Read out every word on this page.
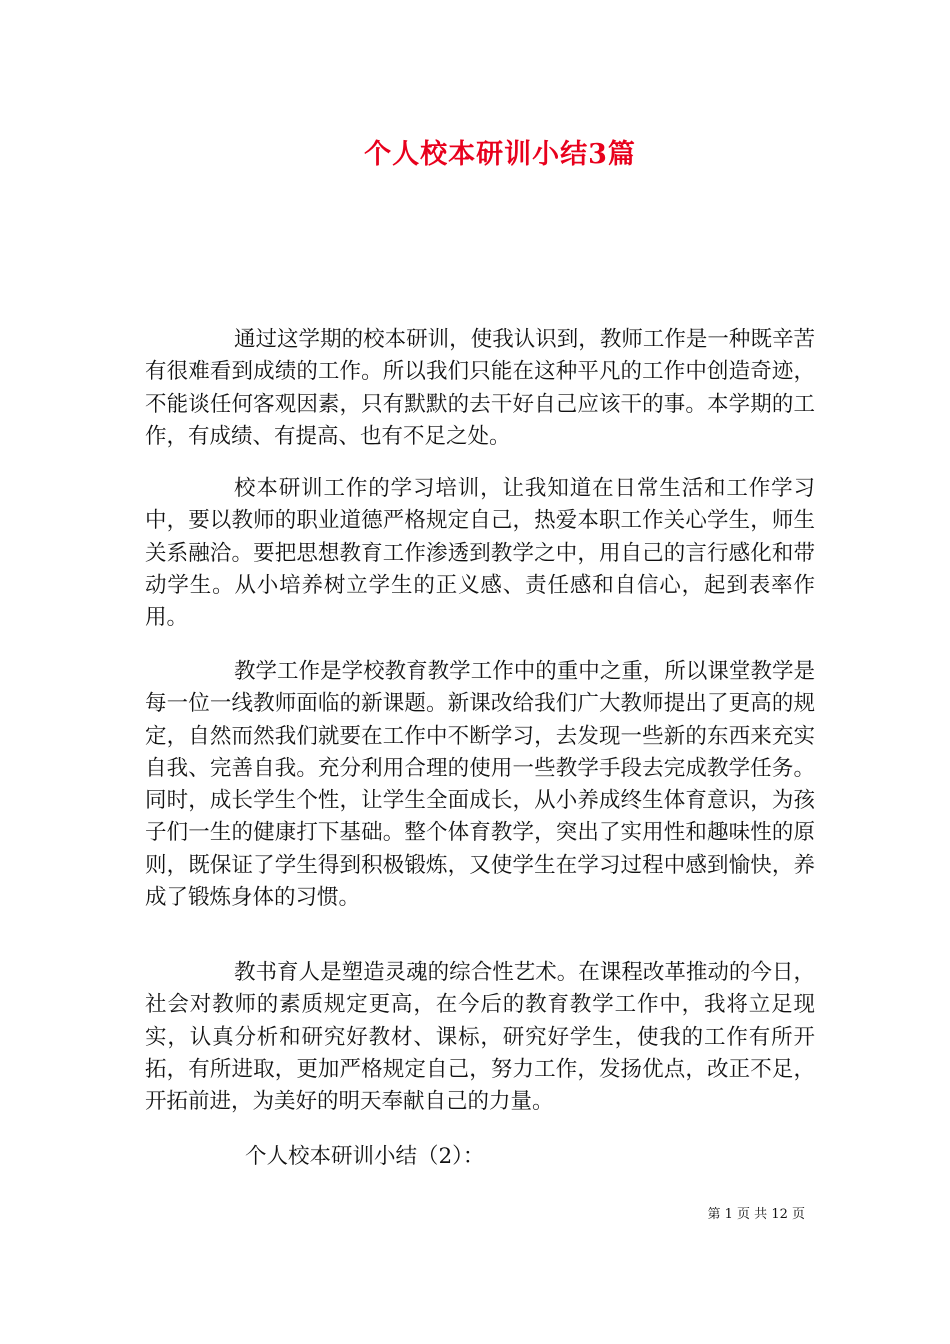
个人校本研训小结3篇
通过这学期的校本研训，使我认识到，教师工作是一种既辛苦有很难看到成绩的工作。所以我们只能在这种平凡的工作中创造奇迹，不能谈任何客观因素，只有默默的去干好自己应该干的事。本学期的工作，有成绩、有提高、也有不足之处。
校本研训工作的学习培训，让我知道在日常生活和工作学习中，要以教师的职业道德严格规定自己，热爱本职工作关心学生，师生关系融洽。要把思想教育工作渗透到教学之中，用自己的言行感化和带动学生。从小培养树立学生的正义感、责任感和自信心，起到表率作用。
教学工作是学校教育教学工作中的重中之重，所以课堂教学是每一位一线教师面临的新课题。新课改给我们广大教师提出了更高的规定，自然而然我们就要在工作中不断学习，去发现一些新的东西来充实自我、完善自我。充分利用合理的使用一些教学手段去完成教学任务。同时，成长学生个性，让学生全面成长，从小养成终生体育意识，为孩子们一生的健康打下基础。整个体育教学，突出了实用性和趣味性的原则，既保证了学生得到积极锻炼，又使学生在学习过程中感到愉快，养成了锻炼身体的习惯。
教书育人是塑造灵魂的综合性艺术。在课程改革推动的今日，社会对教师的素质规定更高，在今后的教育教学工作中，我将立足现实，认真分析和研究好教材、课标，研究好学生，使我的工作有所开拓，有所进取，更加严格规定自己，努力工作，发扬优点，改正不足，开拓前进，为美好的明天奉献自己的力量。
个人校本研训小结（2）：
第 1 页 共 12 页
